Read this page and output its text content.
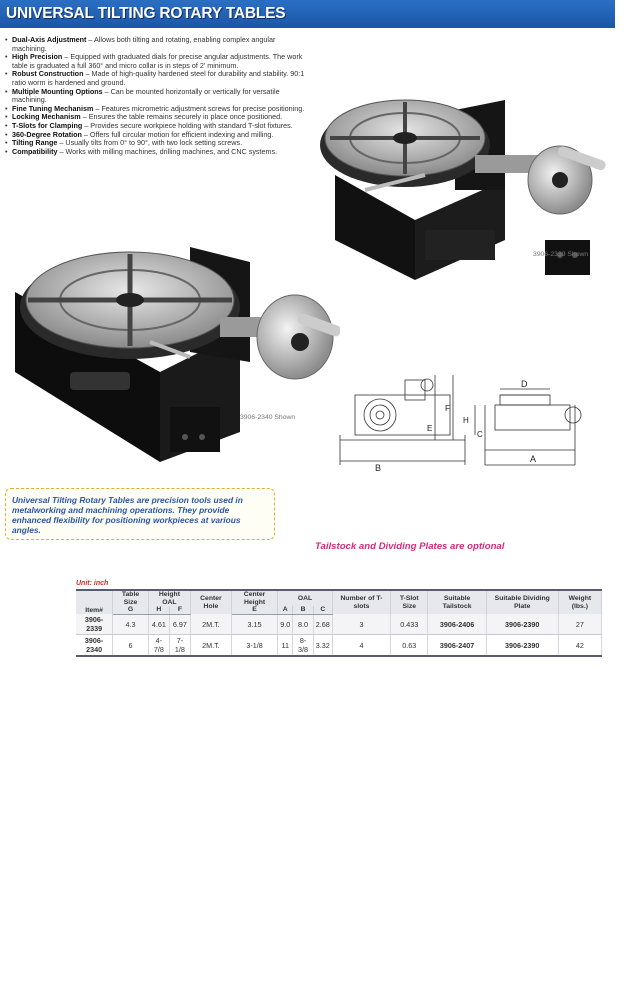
UNIVERSAL TILTING ROTARY TABLES
• Dual-Axis Adjustment – Allows both tilting and rotating, enabling complex angular machining.
• High Precision – Equipped with graduated dials for precise angular adjustments. The work table is graduated a full 360° and micro collar is in steps of 2' minimum.
• Robust Construction – Made of high-quality hardened steel for durability and stability. 90:1 ratio worm is hardened and ground.
• Multiple Mounting Options – Can be mounted horizontally or vertically for versatile machining.
• Fine Tuning Mechanism – Features micrometric adjustment screws for precise positioning.
• Locking Mechanism – Ensures the table remains securely in place once positioned.
• T-Slots for Clamping – Provides secure workpiece holding with standard T-slot fixtures.
• 360-Degree Rotation – Offers full circular motion for efficient indexing and milling.
• Tilting Range – Usually tilts from 0° to 90°, with two lock setting screws.
• Compatibility – Works with milling machines, drilling machines, and CNC systems.
3906-2339 Shown
3906-2340 Shown
B
A
C
D
E
F
H

Universal Tilting Rotary Tables are precision tools used in metalworking and machining operations. They provide enhanced flexibility for positioning workpieces at various angles.

Tailstock and Dividing Plates are optional
Unit: inch
Item#	Table Size	Height OAL		Center Hole	Center Height	OAL			Number of T-slots	T-Slot Size	Suitable Tailstock	Suitable Dividing Plate	Weight (lbs.)
	G	H	F		E	A	B	C					
3906-2339	4.3	4.61	6.97	2M.T.	3.15	9.0	8.0	2.68	3	0.433	3906-2406	3906-2390	27
3906-2340	6	4-7/8	7-1/8	2M.T.	3-1/8	11	8-3/8	3.32	4	0.63	3906-2407	3906-2390	42
